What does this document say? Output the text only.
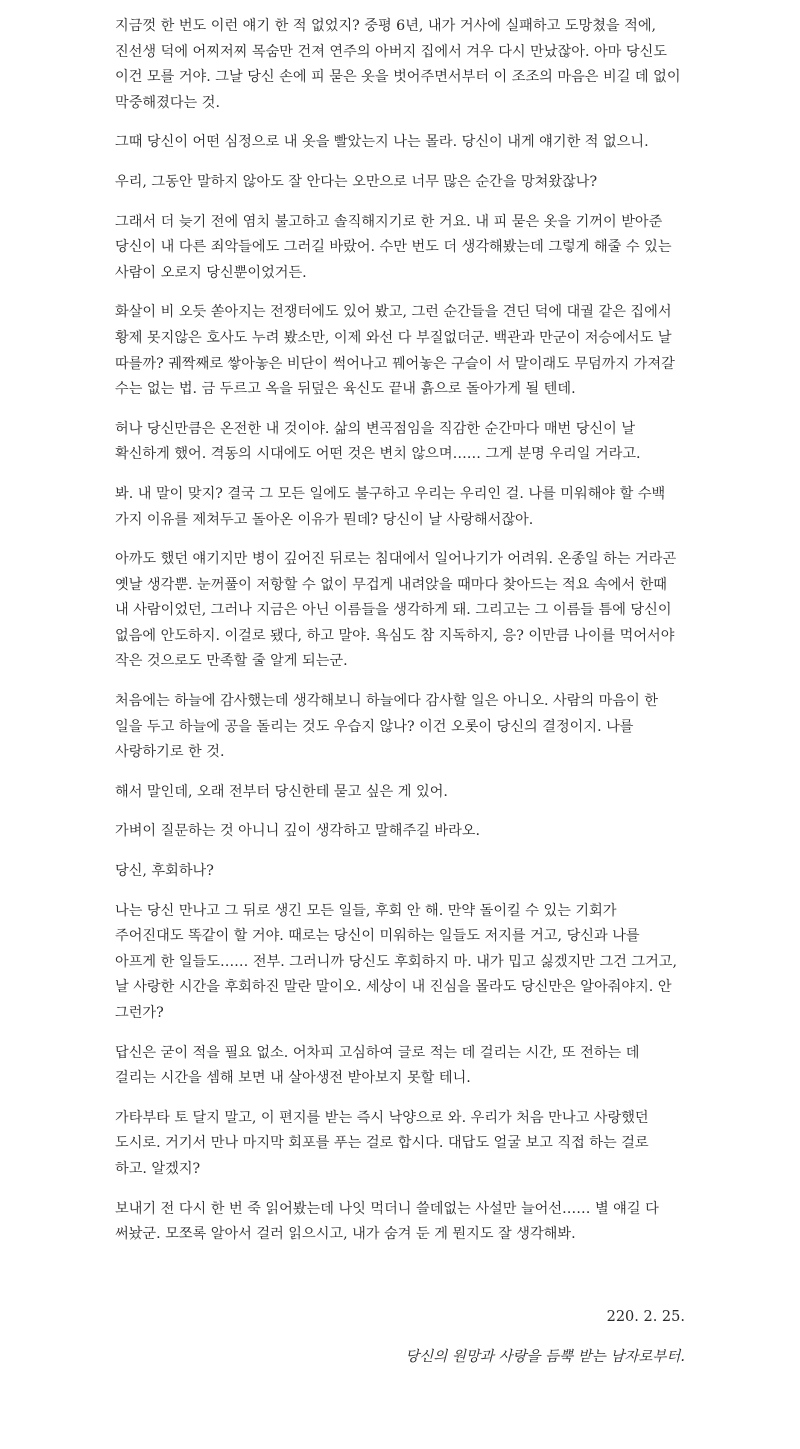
지금껏 한 번도 이런 얘기 한 적 없었지? 중평 6년, 내가 거사에 실패하고 도망쳤을 적에, 진선생 덕에 어찌저찌 목숨만 건져 연주의 아버지 집에서 겨우 다시 만났잖아. 아마 당신도 이건 모를 거야. 그날 당신 손에 피 묻은 옷을 벗어주면서부터 이 조조의 마음은 비길 데 없이 막중해졌다는 것.

그때 당신이 어떤 심정으로 내 옷을 빨았는지 나는 몰라. 당신이 내게 얘기한 적 없으니.

우리, 그동안 말하지 않아도 잘 안다는 오만으로 너무 많은 순간을 망쳐왔잖나?

그래서 더 늦기 전에 염치 불고하고 솔직해지기로 한 거요. 내 피 묻은 옷을 기꺼이 받아준 당신이 내 다른 죄악들에도 그러길 바랐어. 수만 번도 더 생각해봤는데 그렇게 해줄 수 있는 사람이 오로지 당신뿐이었거든.

화살이 비 오듯 쏟아지는 전쟁터에도 있어 봤고, 그런 순간들을 견딘 덕에 대궐 같은 집에서 황제 못지않은 호사도 누려 봤소만, 이제 와선 다 부질없더군. 백관과 만군이 저승에서도 날 따를까? 궤짝째로 쌓아놓은 비단이 썩어나고 꿰어놓은 구슬이 서 말이래도 무덤까지 가져갈 수는 없는 법. 금 두르고 옥을 뒤덮은 육신도 끝내 흙으로 돌아가게 될 텐데.

허나 당신만큼은 온전한 내 것이야. 삶의 변곡점임을 직감한 순간마다 매번 당신이 날 확신하게 했어. 격동의 시대에도 어떤 것은 변치 않으며…… 그게 분명 우리일 거라고.

봐. 내 말이 맞지? 결국 그 모든 일에도 불구하고 우리는 우리인 걸. 나를 미워해야 할 수백 가지 이유를 제쳐두고 돌아온 이유가 뭔데? 당신이 날 사랑해서잖아.

아까도 했던 얘기지만 병이 깊어진 뒤로는 침대에서 일어나기가 어려워. 온종일 하는 거라곤 옛날 생각뿐. 눈꺼풀이 저항할 수 없이 무겁게 내려앉을 때마다 찾아드는 적요 속에서 한때 내 사람이었던, 그러나 지금은 아닌 이름들을 생각하게 돼. 그리고는 그 이름들 틈에 당신이 없음에 안도하지. 이걸로 됐다, 하고 말야. 욕심도 참 지독하지, 응? 이만큼 나이를 먹어서야 작은 것으로도 만족할 줄 알게 되는군.

처음에는 하늘에 감사했는데 생각해보니 하늘에다 감사할 일은 아니오. 사람의 마음이 한 일을 두고 하늘에 공을 돌리는 것도 우습지 않나? 이건 오롯이 당신의 결정이지. 나를 사랑하기로 한 것.

해서 말인데, 오래 전부터 당신한테 묻고 싶은 게 있어.

가벼이 질문하는 것 아니니 깊이 생각하고 말해주길 바라오.

당신, 후회하나?

나는 당신 만나고 그 뒤로 생긴 모든 일들, 후회 안 해. 만약 돌이킬 수 있는 기회가 주어진대도 똑같이 할 거야. 때로는 당신이 미워하는 일들도 저지를 거고, 당신과 나를 아프게 한 일들도…… 전부. 그러니까 당신도 후회하지 마. 내가 밉고 싫겠지만 그건 그거고, 날 사랑한 시간을 후회하진 말란 말이오. 세상이 내 진심을 몰라도 당신만은 알아줘야지. 안 그런가?

답신은 굳이 적을 필요 없소. 어차피 고심하여 글로 적는 데 걸리는 시간, 또 전하는 데 걸리는 시간을 셈해 보면 내 살아생전 받아보지 못할 테니.

가타부타 토 달지 말고, 이 편지를 받는 즉시 낙양으로 와. 우리가 처음 만나고 사랑했던 도시로. 거기서 만나 마지막 회포를 푸는 걸로 합시다. 대답도 얼굴 보고 직접 하는 걸로 하고. 알겠지?

보내기 전 다시 한 번 죽 읽어봤는데 나잇 먹더니 쓸데없는 사설만 늘어선…… 별 얘길 다 써놨군. 모쪼록 알아서 걸러 읽으시고, 내가 숨겨 둔 게 뭔지도 잘 생각해봐.

220. 2. 25.

당신의 원망과 사랑을 듬뿍 받는 남자로부터.
